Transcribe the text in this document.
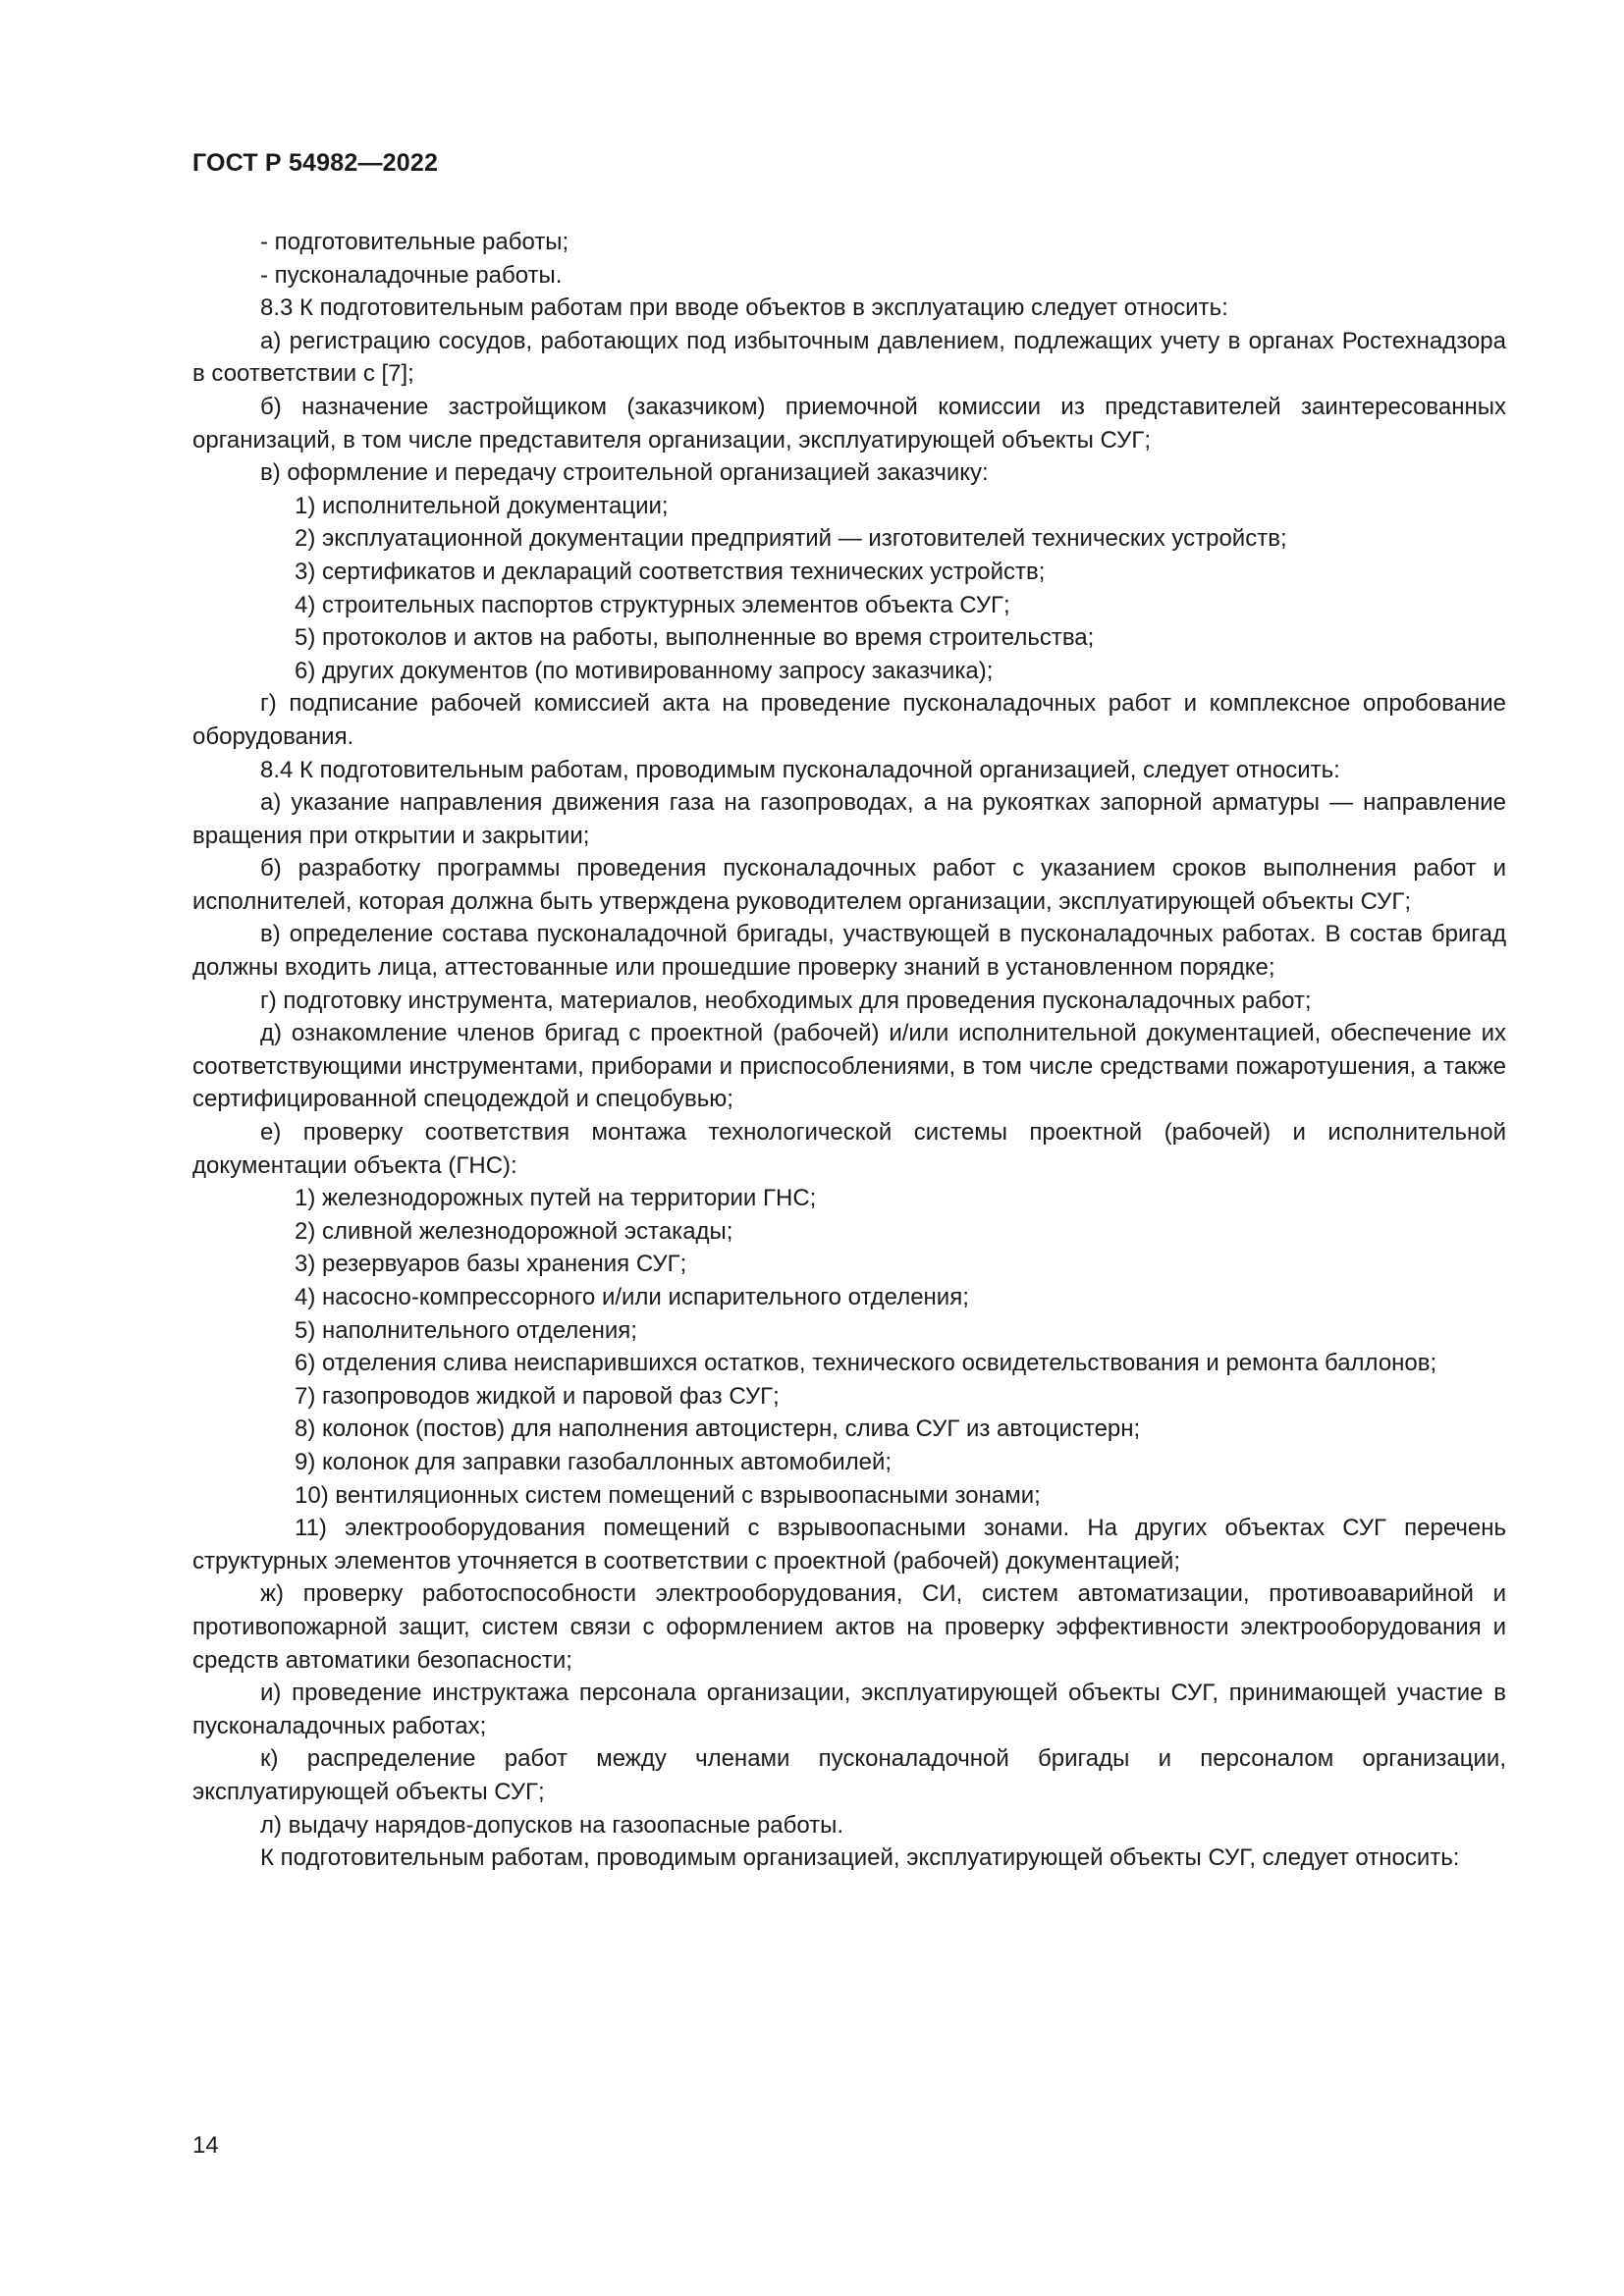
ГОСТ Р 54982—2022

- подготовительные работы;

- пусконаладочные работы.

8.3 К подготовительным работам при вводе объектов в эксплуатацию следует относить:

а) регистрацию сосудов, работающих под избыточным давлением, подлежащих учету в органах Ростехнадзора в соответствии с [7];

б) назначение застройщиком (заказчиком) приемочной комиссии из представителей заинтересованных организаций, в том числе представителя организации, эксплуатирующей объекты СУГ;

в) оформление и передачу строительной организацией заказчику:

1) исполнительной документации;

2) эксплуатационной документации предприятий — изготовителей технических устройств;

3) сертификатов и деклараций соответствия технических устройств;

4) строительных паспортов структурных элементов объекта СУГ;

5) протоколов и актов на работы, выполненные во время строительства;

6) других документов (по мотивированному запросу заказчика);

г) подписание рабочей комиссией акта на проведение пусконаладочных работ и комплексное опробование оборудования.

8.4 К подготовительным работам, проводимым пусконаладочной организацией, следует относить:

а) указание направления движения газа на газопроводах, а на рукоятках запорной арматуры — направление вращения при открытии и закрытии;

б) разработку программы проведения пусконаладочных работ с указанием сроков выполнения работ и исполнителей, которая должна быть утверждена руководителем организации, эксплуатирующей объекты СУГ;

в) определение состава пусконаладочной бригады, участвующей в пусконаладочных работах. В состав бригад должны входить лица, аттестованные или прошедшие проверку знаний в установленном порядке;

г) подготовку инструмента, материалов, необходимых для проведения пусконаладочных работ;

д) ознакомление членов бригад с проектной (рабочей) и/или исполнительной документацией, обеспечение их соответствующими инструментами, приборами и приспособлениями, в том числе средствами пожаротушения, а также сертифицированной спецодеждой и спецобувью;

е) проверку соответствия монтажа технологической системы проектной (рабочей) и исполнительной документации объекта (ГНС):

1) железнодорожных путей на территории ГНС;

2) сливной железнодорожной эстакады;

3) резервуаров базы хранения СУГ;

4) насосно-компрессорного и/или испарительного отделения;

5) наполнительного отделения;

6) отделения слива неиспарившихся остатков, технического освидетельствования и ремонта баллонов;

7) газопроводов жидкой и паровой фаз СУГ;

8) колонок (постов) для наполнения автоцистерн, слива СУГ из автоцистерн;

9) колонок для заправки газобаллонных автомобилей;

10) вентиляционных систем помещений с взрывоопасными зонами;

11) электрооборудования помещений с взрывоопасными зонами. На других объектах СУГ перечень структурных элементов уточняется в соответствии с проектной (рабочей) документацией;

ж) проверку работоспособности электрооборудования, СИ, систем автоматизации, противоаварийной и противопожарной защит, систем связи с оформлением актов на проверку эффективности электрооборудования и средств автоматики безопасности;

и) проведение инструктажа персонала организации, эксплуатирующей объекты СУГ, принимающей участие в пусконаладочных работах;

к) распределение работ между членами пусконаладочной бригады и персоналом организации, эксплуатирующей объекты СУГ;

л) выдачу нарядов-допусков на газоопасные работы.

К подготовительным работам, проводимым организацией, эксплуатирующей объекты СУГ, следует относить:

14
